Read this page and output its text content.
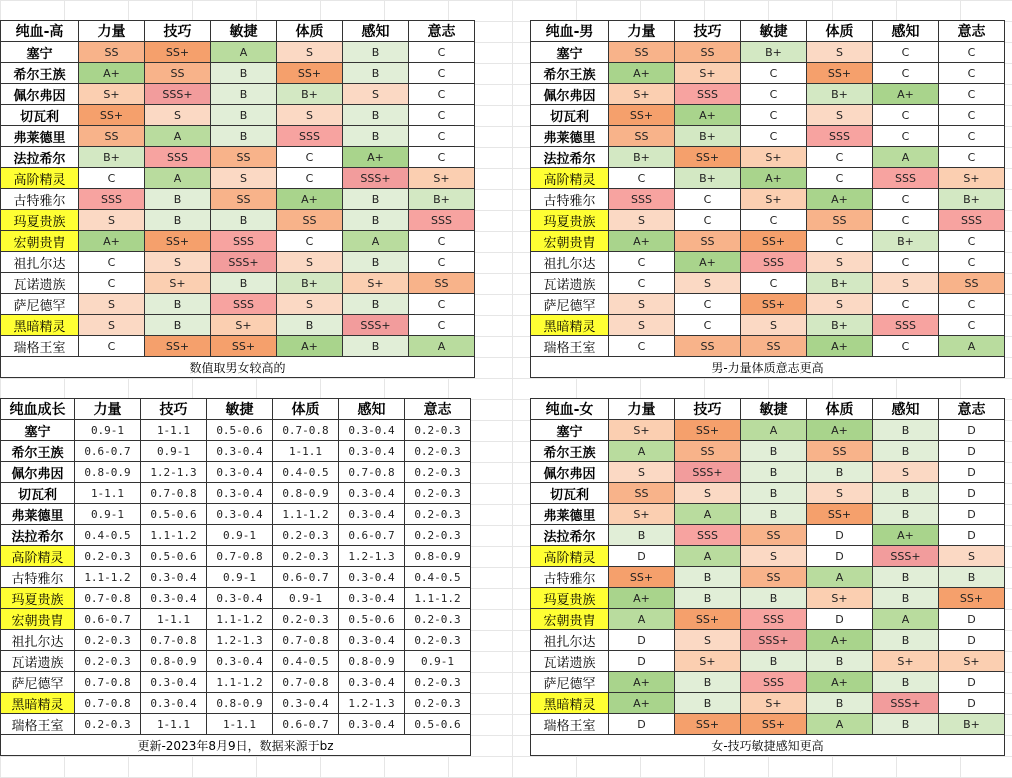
纯血-高	力量	技巧	敏捷	体质	感知	意志
塞宁	SS	SS+	A	S	B	C
希尔王族	A+	SS	B	SS+	B	C
佩尔弗因	S+	SSS+	B	B+	S	C
切瓦利	SS+	S	B	S	B	C
弗莱德里	SS	A	B	SSS	B	C
法拉希尔	B+	SSS	SS	C	A+	C
高阶精灵	C	A	S	C	SSS+	S+
古特雅尔	SSS	B	SS	A+	B	B+
玛夏贵族	S	B	B	SS	B	SSS
宏朝贵胄	A+	SS+	SSS	C	A	C
祖扎尔达	C	S	SSS+	S	B	C
瓦诺遗族	C	S+	B	B+	S+	SS
萨尼德罕	S	B	SSS	S	B	C
黑暗精灵	S	B	S+	B	SSS+	C
瑞格王室	C	SS+	SS+	A+	B	A
数值取男女较高的						
纯血-男	力量	技巧	敏捷	体质	感知	意志
塞宁	SS	SS	B+	S	C	C
希尔王族	A+	S+	C	SS+	C	C
佩尔弗因	S+	SSS	C	B+	A+	C
切瓦利	SS+	A+	C	S	C	C
弗莱德里	SS	B+	C	SSS	C	C
法拉希尔	B+	SS+	S+	C	A	C
高阶精灵	C	B+	A+	C	SSS	S+
古特雅尔	SSS	C	S+	A+	C	B+
玛夏贵族	S	C	C	SS	C	SSS
宏朝贵胄	A+	SS	SS+	C	B+	C
祖扎尔达	C	A+	SSS	S	C	C
瓦诺遗族	C	S	C	B+	S	SS
萨尼德罕	S	C	SS+	S	C	C
黑暗精灵	S	C	S	B+	SSS	C
瑞格王室	C	SS	SS	A+	C	A
男-力量体质意志更高						
纯血成长	力量	技巧	敏捷	体质	感知	意志
塞宁	0.9-1	1-1.1	0.5-0.6	0.7-0.8	0.3-0.4	0.2-0.3
希尔王族	0.6-0.7	0.9-1	0.3-0.4	1-1.1	0.3-0.4	0.2-0.3
佩尔弗因	0.8-0.9	1.2-1.3	0.3-0.4	0.4-0.5	0.7-0.8	0.2-0.3
切瓦利	1-1.1	0.7-0.8	0.3-0.4	0.8-0.9	0.3-0.4	0.2-0.3
弗莱德里	0.9-1	0.5-0.6	0.3-0.4	1.1-1.2	0.3-0.4	0.2-0.3
法拉希尔	0.4-0.5	1.1-1.2	0.9-1	0.2-0.3	0.6-0.7	0.2-0.3
高阶精灵	0.2-0.3	0.5-0.6	0.7-0.8	0.2-0.3	1.2-1.3	0.8-0.9
古特雅尔	1.1-1.2	0.3-0.4	0.9-1	0.6-0.7	0.3-0.4	0.4-0.5
玛夏贵族	0.7-0.8	0.3-0.4	0.3-0.4	0.9-1	0.3-0.4	1.1-1.2
宏朝贵胄	0.6-0.7	1-1.1	1.1-1.2	0.2-0.3	0.5-0.6	0.2-0.3
祖扎尔达	0.2-0.3	0.7-0.8	1.2-1.3	0.7-0.8	0.3-0.4	0.2-0.3
瓦诺遗族	0.2-0.3	0.8-0.9	0.3-0.4	0.4-0.5	0.8-0.9	0.9-1
萨尼德罕	0.7-0.8	0.3-0.4	1.1-1.2	0.7-0.8	0.3-0.4	0.2-0.3
黑暗精灵	0.7-0.8	0.3-0.4	0.8-0.9	0.3-0.4	1.2-1.3	0.2-0.3
瑞格王室	0.2-0.3	1-1.1	1-1.1	0.6-0.7	0.3-0.4	0.5-0.6
更新-2023年8月9日，数据来源于bz						
纯血-女	力量	技巧	敏捷	体质	感知	意志
塞宁	S+	SS+	A	A+	B	D
希尔王族	A	SS	B	SS	B	D
佩尔弗因	S	SSS+	B	B	S	D
切瓦利	SS	S	B	S	B	D
弗莱德里	S+	A	B	SS+	B	D
法拉希尔	B	SSS	SS	D	A+	D
高阶精灵	D	A	S	D	SSS+	S
古特雅尔	SS+	B	SS	A	B	B
玛夏贵族	A+	B	B	S+	B	SS+
宏朝贵胄	A	SS+	SSS	D	A	D
祖扎尔达	D	S	SSS+	A+	B	D
瓦诺遗族	D	S+	B	B	S+	S+
萨尼德罕	A+	B	SSS	A+	B	D
黑暗精灵	A+	B	S+	B	SSS+	D
瑞格王室	D	SS+	SS+	A	B	B+
女-技巧敏捷感知更高						
